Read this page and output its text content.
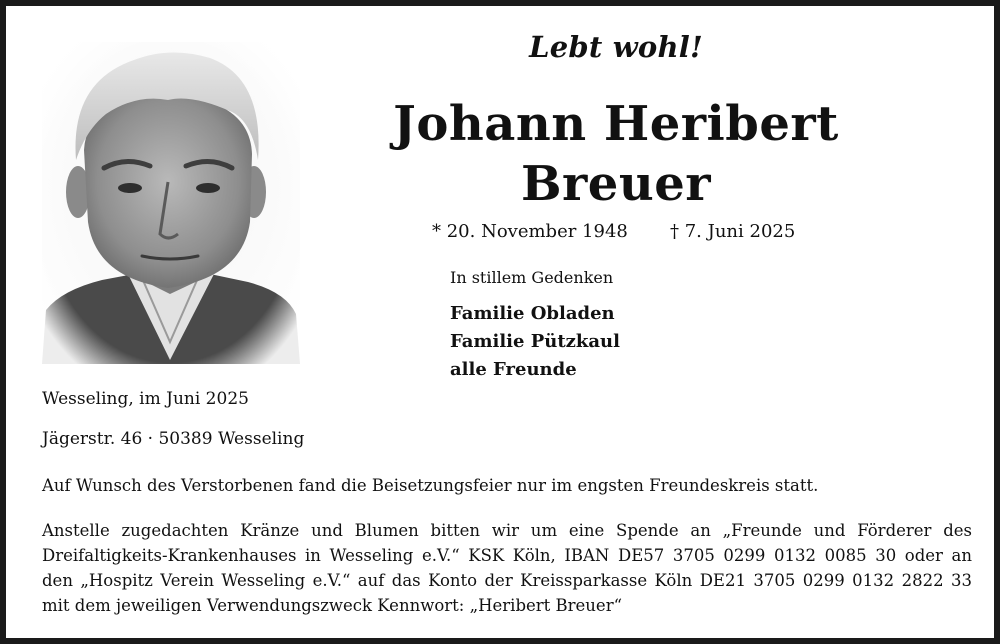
Lebt wohl!
Johann Heribert
Breuer
* 20. November 1948 † 7. Juni 2025
In stillem Gedenken
Familie Obladen
Familie Pützkaul
alle Freunde
Wesseling, im Juni 2025
Jägerstr. 46 · 50389 Wesseling
Auf Wunsch des Verstorbenen fand die Beisetzungsfeier nur im engsten Freundeskreis statt.
Anstelle zugedachten Kränze und Blumen bitten wir um eine Spende an „Freunde und Förderer des
Dreifaltigkeits-Krankenhauses in Wesseling e.V.“ KSK Köln, IBAN DE57 3705 0299 0132 0085 30 oder an
den „Hospitz Verein Wesseling e.V.“ auf das Konto der Kreissparkasse Köln DE21 3705 0299 0132 2822 33
mit dem jeweiligen Verwendungszweck Kennwort: „Heribert Breuer“
